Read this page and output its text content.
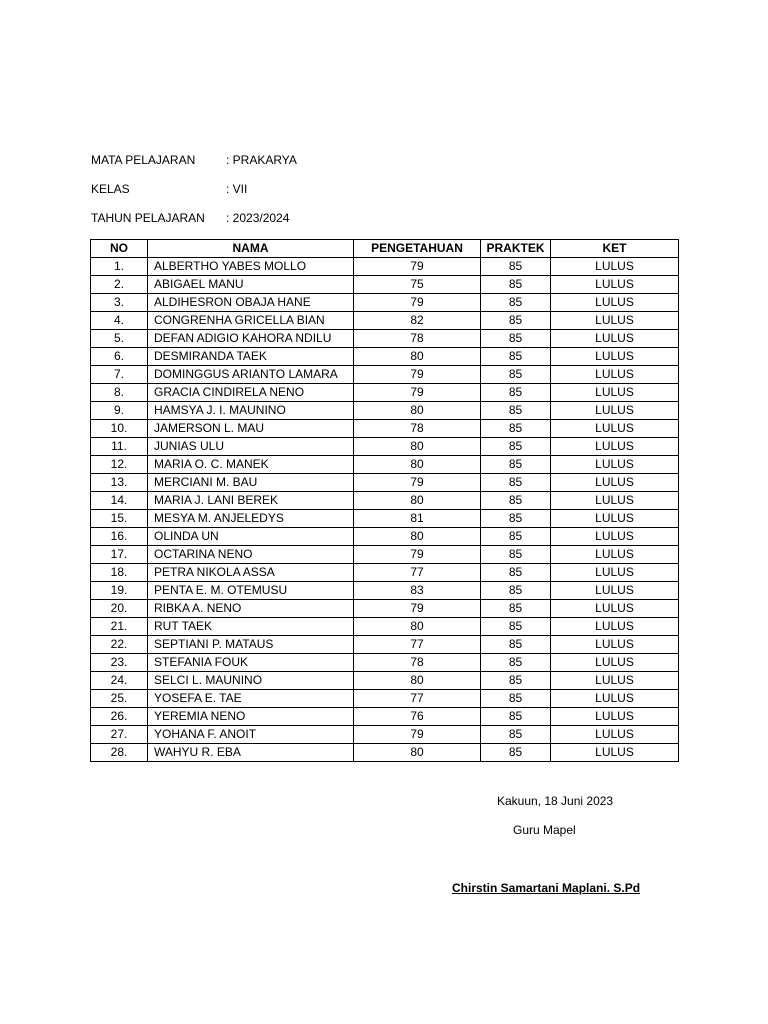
MATA PELAJARAN	: PRAKARYA
KELAS	: VII
TAHUN PELAJARAN : 2023/2024
NO	NAMA	PENGETAHUAN	PRAKTEK	KET
1.	ALBERTHO YABES MOLLO	79	85	LULUS
2.	ABIGAEL MANU	75	85	LULUS
3.	ALDIHESRON OBAJA HANE	79	85	LULUS
4.	CONGRENHA GRICELLA BIAN	82	85	LULUS
5.	DEFAN ADIGIO KAHORA NDILU	78	85	LULUS
6.	DESMIRANDA TAEK	80	85	LULUS
7.	DOMINGGUS ARIANTO LAMARA	79	85	LULUS
8.	GRACIA CINDIRELA NENO	79	85	LULUS
9.	HAMSYA J. I. MAUNINO	80	85	LULUS
10.	JAMERSON L. MAU	78	85	LULUS
11.	JUNIAS ULU	80	85	LULUS
12.	MARIA O. C. MANEK	80	85	LULUS
13.	MERCIANI M. BAU	79	85	LULUS
14.	MARIA J. LANI BEREK	80	85	LULUS
15.	MESYA M. ANJELEDYS	81	85	LULUS
16.	OLINDA UN	80	85	LULUS
17.	OCTARINA NENO	79	85	LULUS
18.	PETRA NIKOLA ASSA	77	85	LULUS
19.	PENTA E. M. OTEMUSU	83	85	LULUS
20.	RIBKA A. NENO	79	85	LULUS
21.	RUT TAEK	80	85	LULUS
22.	SEPTIANI P. MATAUS	77	85	LULUS
23.	STEFANIA FOUK	78	85	LULUS
24.	SELCI L. MAUNINO	80	85	LULUS
25.	YOSEFA E. TAE	77	85	LULUS
26.	YEREMIA NENO	76	85	LULUS
27.	YOHANA F. ANOIT	79	85	LULUS
28.	WAHYU R. EBA	80	85	LULUS
Kakuun, 18 Juni 2023
Guru Mapel
Chirstin Samartani Maplani. S.Pd
